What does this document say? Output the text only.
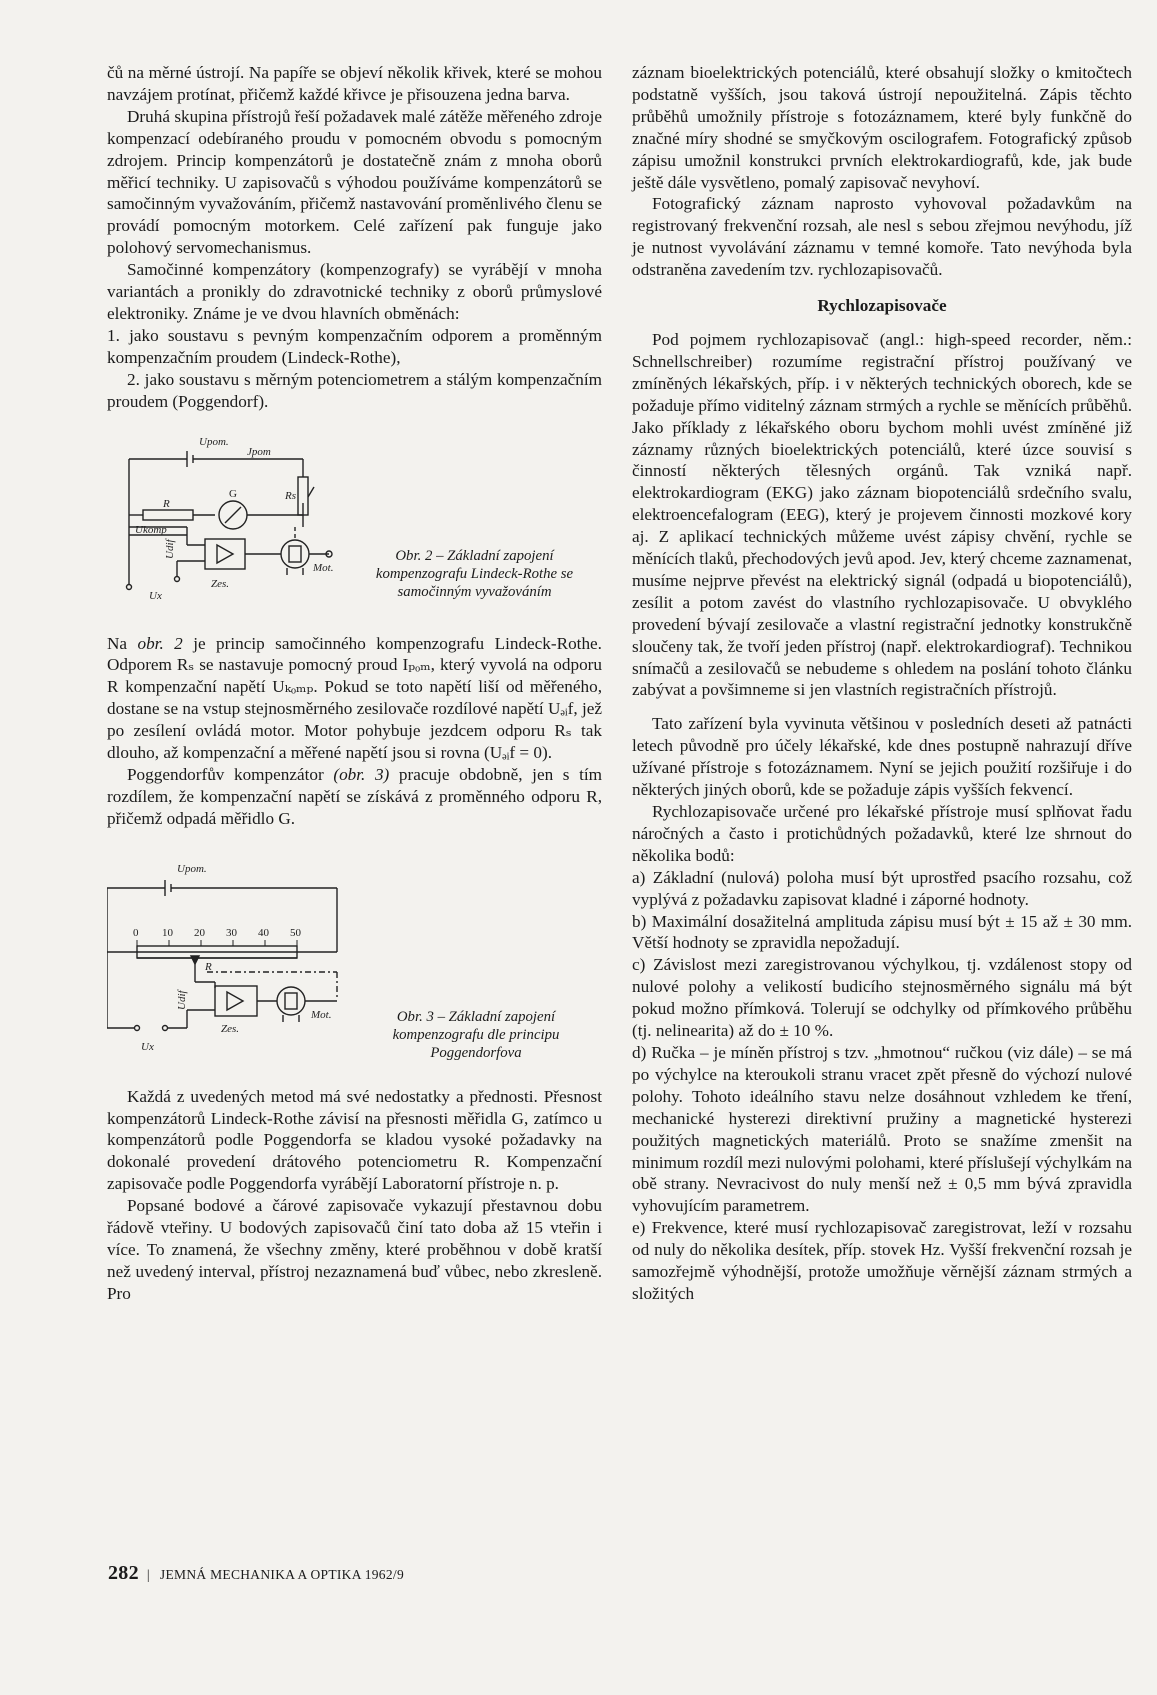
čů na měrné ústrojí. Na papíře se objeví několik křivek, které se mohou navzájem protínat, přičemž každé křivce je přisouzena jedna barva.

Druhá skupina přístrojů řeší požadavek malé zátěže měřeného zdroje kompenzací odebíraného proudu v pomocném obvodu s pomocným zdrojem. Princip kompenzátorů je dostatečně znám z mnoha oborů měřicí techniky. U zapisovačů s výhodou používáme kompenzátorů se samočinným vyvažováním, přičemž nastavování proměnlivého členu se provádí pomocným motorkem. Celé zařízení pak funguje jako polohový servomechanismus.

Samočinné kompenzátory (kompenzografy) se vyrábějí v mnoha variantách a pronikly do zdravotnické techniky z oborů průmyslové elektroniky. Známe je ve dvou hlavních obměnách:

1. jako soustavu s pevným kompenzačním odporem a proměnným kompenzačním proudem (Lindeck-Rothe),

2. jako soustavu s měrným potenciometrem a stálým kompenzačním proudem (Poggendorf).

Upom.
Jpom
Rs
G
R
Ukomp
Udif
Zes.
Mot.
Ux
Obr. 2 – Základní zapojení kompenzografu Lindeck-Rothe se samočinným vyvažováním

Na obr. 2 je princip samočinného kompenzografu Lindeck-Rothe. Odporem Rₛ se nastavuje pomocný proud Iₚₒₘ, který vyvolá na odporu R kompenzační napětí Uₖₒₘₚ. Pokud se toto napětí liší od měřeného, dostane se na vstup stejnosměrného zesilovače rozdílové napětí Uₔᵢf, jež po zesílení ovládá motor. Motor pohybuje jezdcem odporu Rₛ tak dlouho, až kompenzační a měřené napětí jsou si rovna (Uₔᵢf = 0).

Poggendorfův kompenzátor (obr. 3) pracuje obdobně, jen s tím rozdílem, že kompenzační napětí se získává z proměnného odporu R, přičemž odpadá měřidlo G.

0 10 20 30 40 50
Upom.
R
Udif
Zes.
Mot.
Ux
Obr. 3 – Základní zapojení kompenzografu dle principu Poggendorfova

Každá z uvedených metod má své nedostatky a přednosti. Přesnost kompenzátorů Lindeck-Rothe závisí na přesnosti měřidla G, zatímco u kompenzátorů podle Poggendorfa se kladou vysoké požadavky na dokonalé provedení drátového potenciometru R. Kompenzační zapisovače podle Poggendorfa vyrábějí Laboratorní přístroje n. p.

Popsané bodové a čárové zapisovače vykazují přestavnou dobu řádově vteřiny. U bodových zapisovačů činí tato doba až 15 vteřin i více. To znamená, že všechny změny, které proběhnou v době kratší než uvedený interval, přístroj nezaznamená buď vůbec, nebo zkresleně. Pro

záznam bioelektrických potenciálů, které obsahují složky o kmitočtech podstatně vyšších, jsou taková ústrojí nepoužitelná. Zápis těchto průběhů umožnily přístroje s fotozáznamem, které byly funkčně do značné míry shodné se smyčkovým oscilografem. Fotografický způsob zápisu umožnil konstrukci prvních elektrokardiografů, kde, jak bude ještě dále vysvětleno, pomalý zapisovač nevyhoví.

Fotografický záznam naprosto vyhovoval požadavkům na registrovaný frekvenční rozsah, ale nesl s sebou zřejmou nevýhodu, jíž je nutnost vyvolávání záznamu v temné komoře. Tato nevýhoda byla odstraněna zavedením tzv. rychlozapisovačů.

Rychlozapisovače

Pod pojmem rychlozapisovač (angl.: high-speed recorder, něm.: Schnellschreiber) rozumíme registrační přístroj používaný ve zmíněných lékařských, příp. i v některých technických oborech, kde se požaduje přímo viditelný záznam strmých a rychle se měnících průběhů. Jako příklady z lékařského oboru bychom mohli uvést zmíněné již záznamy různých bioelektrických potenciálů, které úzce souvisí s činností některých tělesných orgánů. Tak vzniká např. elektrokardiogram (EKG) jako záznam biopotenciálů srdečního svalu, elektroencefalogram (EEG), který je projevem činnosti mozkové kory aj. Z aplikací technických můžeme uvést zápisy chvění, rychle se měnících tlaků, přechodových jevů apod. Jev, který chceme zaznamenat, musíme nejprve převést na elektrický signál (odpadá u biopotenciálů), zesílit a potom zavést do vlastního rychlozapisovače. U obvyklého provedení bývají zesilovače a vlastní registrační jednotky konstrukčně sloučeny tak, že tvoří jeden přístroj (např. elektrokardiograf). Technikou snímačů a zesilovačů se nebudeme s ohledem na poslání tohoto článku zabývat a povšimneme si jen vlastních registračních přístrojů.

Tato zařízení byla vyvinuta většinou v posledních deseti až patnácti letech původně pro účely lékařské, kde dnes postupně nahrazují dříve užívané přístroje s fotozáznamem. Nyní se jejich použití rozšiřuje i do některých jiných oborů, kde se požaduje zápis vyšších fekvencí.

Rychlozapisovače určené pro lékařské přístroje musí splňovat řadu náročných a často i protichůdných požadavků, které lze shrnout do několika bodů:

a) Základní (nulová) poloha musí být uprostřed psacího rozsahu, což vyplývá z požadavku zapisovat kladné i záporné hodnoty.

b) Maximální dosažitelná amplituda zápisu musí být ± 15 až ± 30 mm. Větší hodnoty se zpravidla nepožadují.

c) Závislost mezi zaregistrovanou výchylkou, tj. vzdálenost stopy od nulové polohy a velikostí budicího stejnosměrného signálu má být pokud možno přímková. Tolerují se odchylky od přímkového průběhu (tj. nelinearita) až do ± 10 %.

d) Ručka – je míněn přístroj s tzv. „hmotnou“ ručkou (viz dále) – se má po výchylce na kteroukoli stranu vracet zpět přesně do výchozí nulové polohy. Tohoto ideálního stavu nelze dosáhnout vzhledem ke tření, mechanické hysterezi direktivní pružiny a magnetické hysterezi použitých magnetických materiálů. Proto se snažíme zmenšit na minimum rozdíl mezi nulovými polohami, které příslušejí výchylkám na obě strany. Nevracivost do nuly menší než ± 0,5 mm bývá zpravidla vyhovujícím parametrem.

e) Frekvence, které musí rychlozapisovač zaregistrovat, leží v rozsahu od nuly do několika desítek, příp. stovek Hz. Vyšší frekvenční rozsah je samozřejmě výhodnější, protože umožňuje věrnější záznam strmých a složitých

282 | JEMNÁ MECHANIKA A OPTIKA 1962/9
